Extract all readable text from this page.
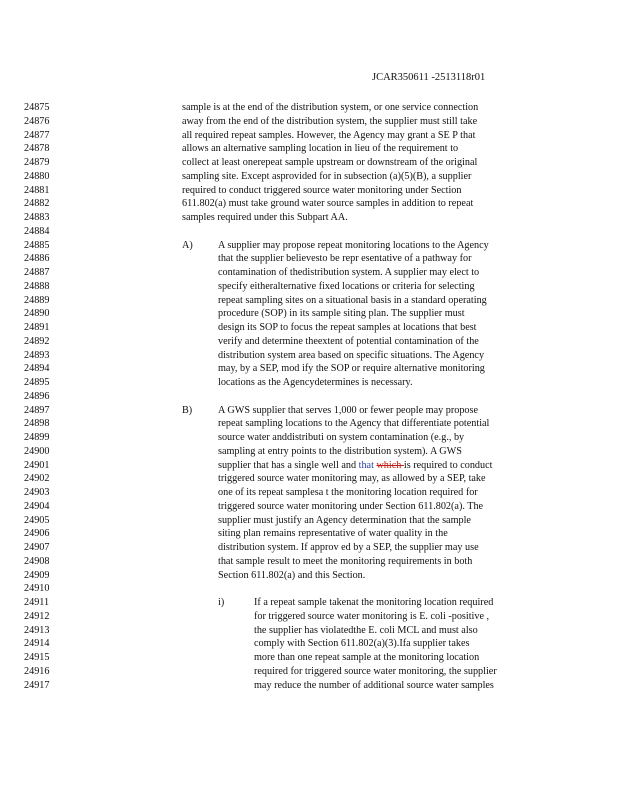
JCAR350611 -2513118r01
24875	sample is at the end of the distribution system, or one service connection
24876	away from the end of the distribution system, the supplier must still take
24877	all required repeat samples. However, the Agency may grant a SE P that
24878	allows an alternative sampling location in lieu of the requirement to
24879	collect at least onerepeat sample upstream or downstream of the original
24880	sampling site. Except asprovided for in subsection (a)(5)(B), a supplier
24881	required to conduct triggered source water monitoring under Section
24882	611.802(a) must take ground water source samples in addition to repeat
24883	samples required under this Subpart AA.
24884
24885	A) A supplier may propose repeat monitoring locations to the Agency
24886	that the supplier believesto be repr esentative of a pathway for
24887	contamination of thedistribution system. A supplier may elect to
24888	specify eitheralternative fixed locations or criteria for selecting
24889	repeat sampling sites on a situational basis in a standard operating
24890	procedure (SOP) in its sample siting plan. The supplier must
24891	design its SOP to focus the repeat samples at locations that best
24892	verify and determine theextent of potential contamination of the
24893	distribution system area based on specific situations. The Agency
24894	may, by a SEP, mod ify the SOP or require alternative monitoring
24895	locations as the Agencydetermines is necessary.
24896
24897	B)	A GWS supplier that serves 1,000 or fewer people may propose
24898	repeat sampling locations to the Agency that differentiate potential
24899	source water anddistributi on system contamination (e.g., by
24900	sampling at entry points to the distribution system). A GWS
24901	supplier that has a single well and that which is required to conduct
24902	triggered source water monitoring may, as allowed by a SEP, take
24903	one of its repeat samplesa t the monitoring location required for
24904	triggered source water monitoring under Section 611.802(a). The
24905	supplier must justify an Agency determination that the sample
24906	siting plan remains representative of water quality in the
24907	distribution system. If approv ed by a SEP, the supplier may use
24908	that sample result to meet the monitoring requirements in both
24909	Section 611.802(a) and this Section.
24910
24911	i)	If a repeat sample takenat the monitoring location required
24912	for triggered source water monitoring is E. coli -positive ,
24913	the supplier has violatedthe E. coli MCL and must also
24914	comply with Section 611.802(a)(3).Ifa supplier takes
24915	more than one repeat sample at the monitoring location
24916	required for triggered source water monitoring, the supplier
24917	may reduce the number of additional source water samples
